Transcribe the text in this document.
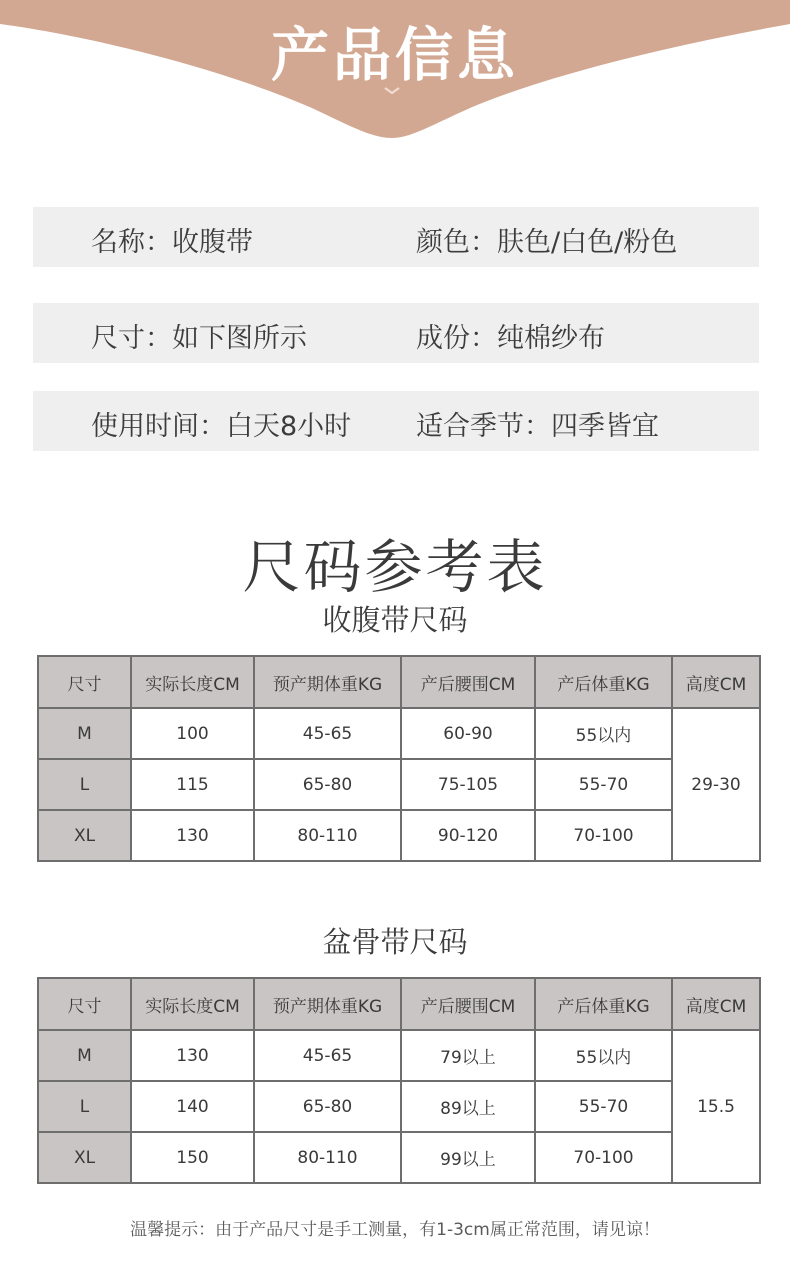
产品信息
名称：收腹带	颜色：肤色/白色/粉色
尺寸：如下图所示	成份：纯棉纱布
使用时间：白天8小时 适合季节：四季皆宜
尺码参考表
收腹带尺码
尺寸	实际长度CM	预产期体重KG	产后腰围CM	产后体重KG	高度CM
M	100	45-65	60-90	55以内	29-30
L	115	65-80	75-105	55-70	
XL	130	80-110	90-120	70-100	
盆骨带尺码
尺寸	实际长度CM	预产期体重KG	产后腰围CM	产后体重KG	高度CM
M	130	45-65	79以上	55以内	15.5
L	140	65-80	89以上	55-70	
XL	150	80-110	99以上	70-100	
温馨提示：由于产品尺寸是手工测量，有1-3cm属正常范围，请见谅！
